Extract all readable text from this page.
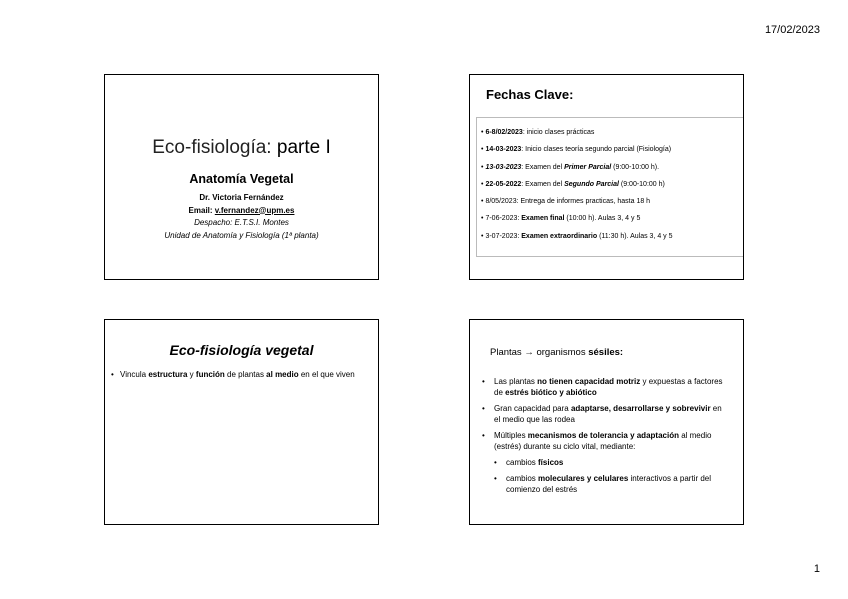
17/02/2023
Eco-fisiología: parte I
Anatomía Vegetal
Dr. Victoria Fernández
Email: v.fernandez@upm.es
Despacho: E.T.S.I. Montes
Unidad de Anatomía y Fisiología (1ª planta)
Fechas Clave:
• 6-8/02/2023: inicio clases prácticas
• 14-03-2023: Inicio clases teoría segundo parcial (Fisiología)
• 13-03-2023: Examen del Primer Parcial (9:00-10:00 h).
• 22-05-2022: Examen del Segundo Parcial (9:00-10:00 h)
• 8/05/2023: Entrega de informes practicas, hasta 18 h
• 7-06-2023: Examen final (10:00 h). Aulas 3, 4 y 5
• 3-07-2023: Examen extraordinario (11:30 h). Aulas 3, 4 y 5
Eco-fisiología vegetal
• Vincula estructura y función de plantas al medio en el que viven
Plantas → organismos sésiles:
• Las plantas no tienen capacidad motriz y expuestas a factores de estrés biótico y abiótico
• Gran capacidad para adaptarse, desarrollarse y sobrevivir en el medio que las rodea
• Múltiples mecanismos de tolerancia y adaptación al medio (estrés) durante su ciclo vital, mediante:
• cambios físicos
• cambios moleculares y celulares interactivos a partir del comienzo del estrés
1
